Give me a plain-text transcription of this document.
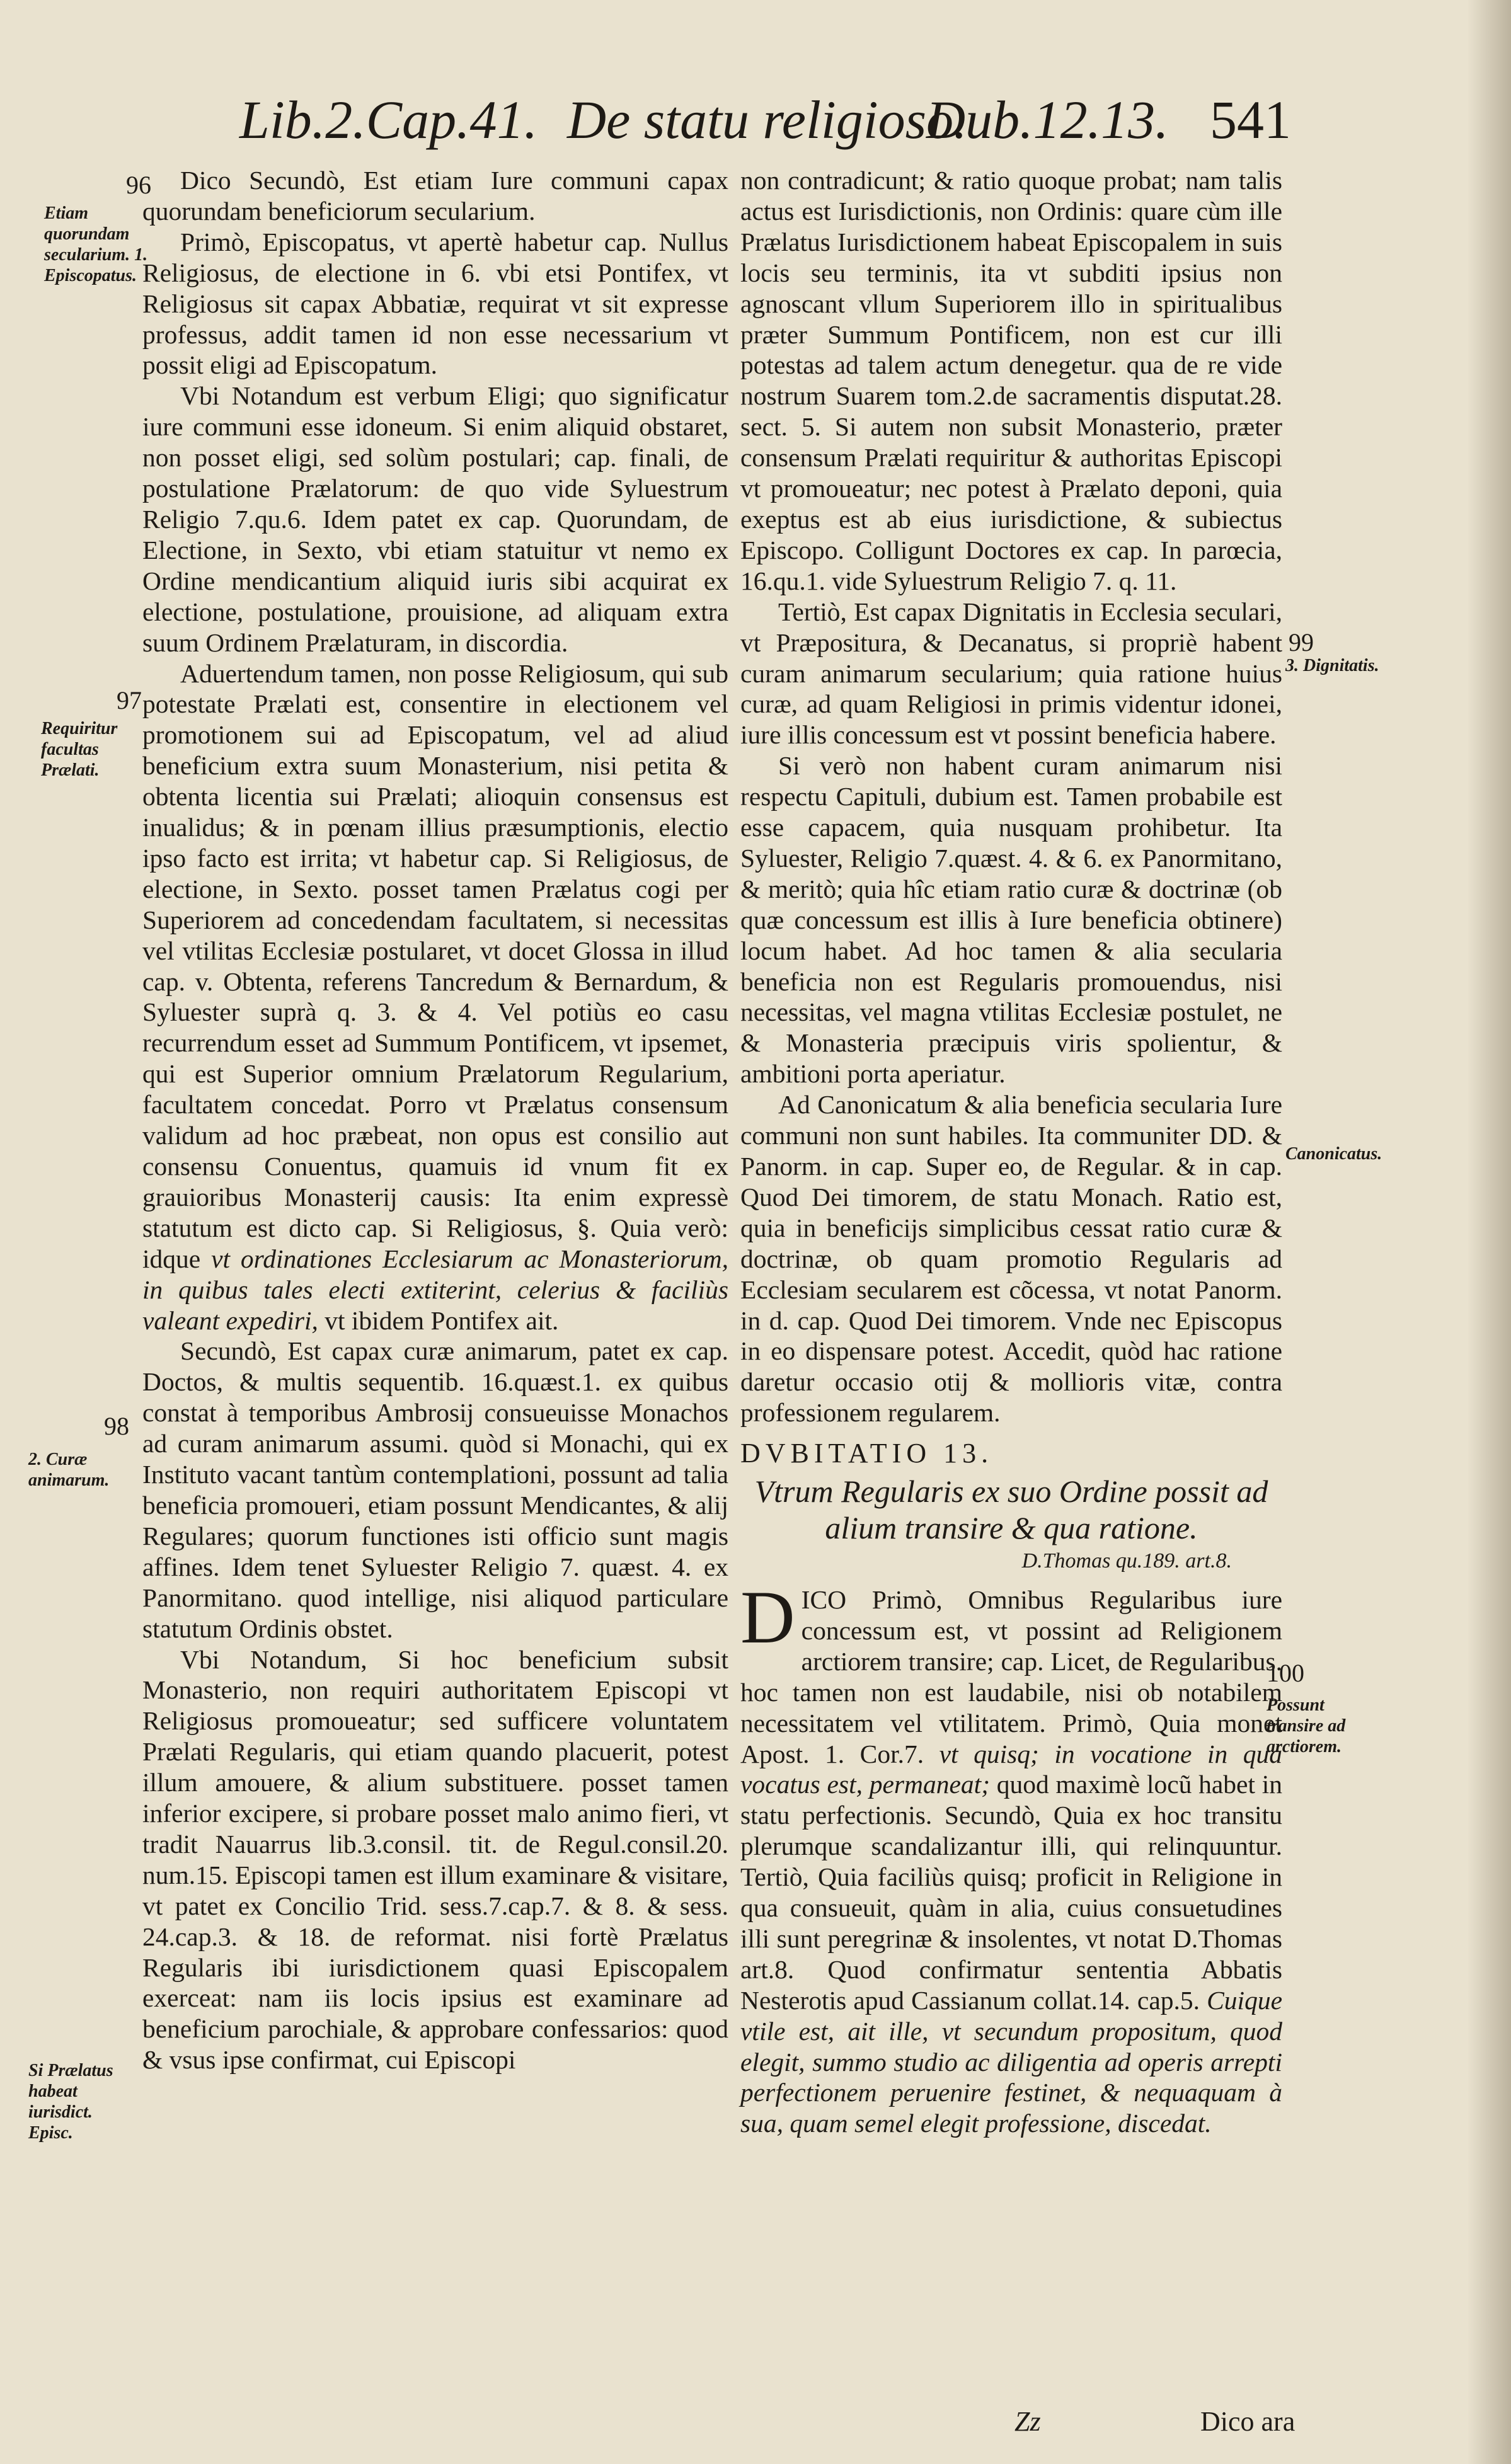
Lib.2.Cap.41. De statu religioso.
Dub.12.13. 541
96
Etiam quorundam secularium. 1. Episcopatus.
97
Requiritur facultas Prælati.
98
2. Curæ animarum.
Si Prælatus habeat iurisdict. Episc.
99
3. Dignitatis.
Canonicatus.
100
Possunt transire ad arctiorem.

Dico Secundò, Est etiam Iure communi capax quorundam beneficiorum secularium.

Primò, Episcopatus, vt apertè habetur cap. Nullus Religiosus, de electione in 6. vbi etsi Pontifex, vt Religiosus sit capax Abbatiæ, requirat vt sit expresse professus, addit tamen id non esse necessarium vt possit eligi ad Episcopatum.

Vbi Notandum est verbum Eligi; quo significatur iure communi esse idoneum. Si enim aliquid obstaret, non posset eligi, sed solùm postulari; cap. finali, de postulatione Prælatorum: de quo vide Syluestrum Religio 7.qu.6. Idem patet ex cap. Quorundam, de Electione, in Sexto, vbi etiam statuitur vt nemo ex Ordine mendicantium aliquid iuris sibi acquirat ex electione, postulatione, prouisione, ad aliquam extra suum Ordinem Prælaturam, in discordia.

Aduertendum tamen, non posse Religiosum, qui sub potestate Prælati est, consentire in electionem vel promotionem sui ad Episcopatum, vel ad aliud beneficium extra suum Monasterium, nisi petita & obtenta licentia sui Prælati; alioquin consensus est inualidus; & in pœnam illius præsumptionis, electio ipso facto est irrita; vt habetur cap. Si Religiosus, de electione, in Sexto. posset tamen Prælatus cogi per Superiorem ad concedendam facultatem, si necessitas vel vtilitas Ecclesiæ postularet, vt docet Glossa in illud cap. v. Obtenta, referens Tancredum & Bernardum, & Syluester suprà q. 3. & 4. Vel potiùs eo casu recurrendum esset ad Summum Pontificem, vt ipsemet, qui est Superior omnium Prælatorum Regularium, facultatem concedat. Porro vt Prælatus consensum validum ad hoc præbeat, non opus est consilio aut consensu Conuentus, quamuis id vnum fit ex grauioribus Monasterij causis: Ita enim expressè statutum est dicto cap. Si Religiosus, §. Quia verò: idque vt ordinationes Ecclesiarum ac Monasteriorum, in quibus tales electi extiterint, celerius & faciliùs valeant expediri, vt ibidem Pontifex ait.

Secundò, Est capax curæ animarum, patet ex cap. Doctos, & multis sequentib. 16.quæst.1. ex quibus constat à temporibus Ambrosij consueuisse Monachos ad curam animarum assumi. quòd si Monachi, qui ex Instituto vacant tantùm contemplationi, possunt ad talia beneficia promoueri, etiam possunt Mendicantes, & alij Regulares; quorum functiones isti officio sunt magis affines. Idem tenet Syluester Religio 7. quæst. 4. ex Panormitano. quod intellige, nisi aliquod particulare statutum Ordinis obstet.

Vbi Notandum, Si hoc beneficium subsit Monasterio, non requiri authoritatem Episcopi vt Religiosus promoueatur; sed sufficere voluntatem Prælati Regularis, qui etiam quando placuerit, potest illum amouere, & alium substituere. posset tamen inferior excipere, si probare posset malo animo fieri, vt tradit Nauarrus lib.3.consil. tit. de Regul.consil.20. num.15. Episcopi tamen est illum examinare & visitare, vt patet ex Concilio Trid. sess.7.cap.7. & 8. & sess. 24.cap.3. & 18. de reformat. nisi fortè Prælatus Regularis ibi iurisdictionem quasi Episcopalem exerceat: nam iis locis ipsius est examinare ad beneficium parochiale, & approbare confessarios: quod & vsus ipse confirmat, cui Episcopi

non contradicunt; & ratio quoque probat; nam talis actus est Iurisdictionis, non Ordinis: quare cùm ille Prælatus Iurisdictionem habeat Episcopalem in suis locis seu terminis, ita vt subditi ipsius non agnoscant vllum Superiorem illo in spiritualibus præter Summum Pontificem, non est cur illi potestas ad talem actum denegetur. qua de re vide nostrum Suarem tom.2.de sacramentis disputat.28. sect. 5. Si autem non subsit Monasterio, præter consensum Prælati requiritur & authoritas Episcopi vt promoueatur; nec potest à Prælato deponi, quia exeptus est ab eius iurisdictione, & subiectus Episcopo. Colligunt Doctores ex cap. In parœcia, 16.qu.1. vide Syluestrum Religio 7. q. 11.

Tertiò, Est capax Dignitatis in Ecclesia seculari, vt Præpositura, & Decanatus, si propriè habent curam animarum secularium; quia ratione huius curæ, ad quam Religiosi in primis videntur idonei, iure illis concessum est vt possint beneficia habere.

Si verò non habent curam animarum nisi respectu Capituli, dubium est. Tamen probabile est esse capacem, quia nusquam prohibetur. Ita Syluester, Religio 7.quæst. 4. & 6. ex Panormitano, & meritò; quia hîc etiam ratio curæ & doctrinæ (ob quæ concessum est illis à Iure beneficia obtinere) locum habet. Ad hoc tamen & alia secularia beneficia non est Regularis promouendus, nisi necessitas, vel magna vtilitas Ecclesiæ postulet, ne & Monasteria præcipuis viris spolientur, & ambitioni porta aperiatur.

Ad Canonicatum & alia beneficia secularia Iure communi non sunt habiles. Ita communiter DD. & Panorm. in cap. Super eo, de Regular. & in cap. Quod Dei timorem, de statu Monach. Ratio est, quia in beneficijs simplicibus cessat ratio curæ & doctrinæ, ob quam promotio Regularis ad Ecclesiam secularem est cõcessa, vt notat Panorm. in d. cap. Quod Dei timorem. Vnde nec Episcopus in eo dispensare potest. Accedit, quòd hac ratione daretur occasio otij & mollioris vitæ, contra professionem regularem.

DVBITATIO 13.

Vtrum Regularis ex suo Ordine possit ad alium transire & qua ratione.

D.Thomas qu.189. art.8.

D ICO Primò, Omnibus Regularibus iure concessum est, vt possint ad Religionem arctiorem transire; cap. Licet, de Regularibus. hoc tamen non est laudabile, nisi ob notabilem necessitatem vel vtilitatem. Primò, Quia monet Apost. 1. Cor.7. vt quisq; in vocatione in qua vocatus est, permaneat; quod maximè locũ habet in statu perfectionis. Secundò, Quia ex hoc transitu plerumque scandalizantur illi, qui relinquuntur. Tertiò, Quia faciliùs quisq; proficit in Religione in qua consueuit, quàm in alia, cuius consuetudines illi sunt peregrinæ & insolentes, vt notat D.Thomas art.8. Quod confirmatur sententia Abbatis Nesterotis apud Cassianum collat.14. cap.5. Cuique vtile est, ait ille, vt secundum propositum, quod elegit, summo studio ac diligentia ad operis arrepti perfectionem peruenire festinet, & nequaquam à sua, quam semel elegit professione, discedat.

Zz	Dico ara
